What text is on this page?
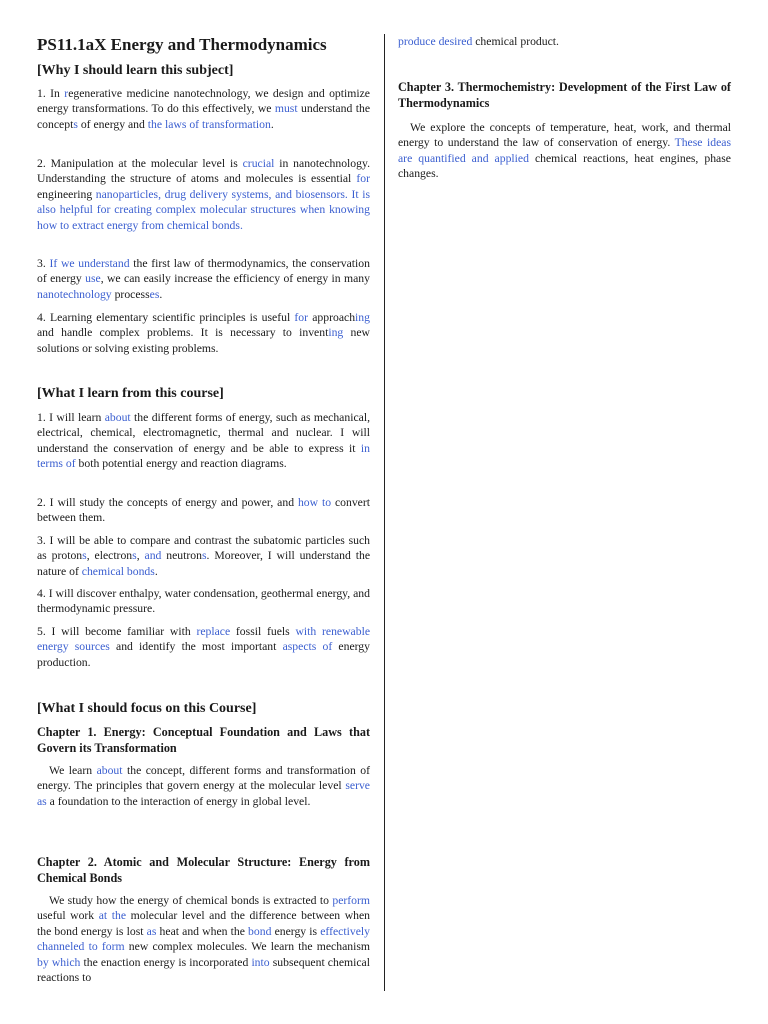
PS11.1aX Energy and Thermodynamics
[Why I should learn this subject]

1. In regenerative medicine nanotechnology, we design and optimize energy transformations. To do this effectively, we must understand the concepts of energy and the laws of transformation.

2. Manipulation at the molecular level is crucial in nanotechnology. Understanding the structure of atoms and molecules is essential for engineering nanoparticles, drug delivery systems, and biosensors. It is also helpful for creating complex molecular structures when knowing how to extract energy from chemical bonds.

3. If we understand the first law of thermodynamics, the conservation of energy use, we can easily increase the efficiency of energy in many nanotechnology processes.

4. Learning elementary scientific principles is useful for approaching and handle complex problems. It is necessary to inventing new solutions or solving existing problems.

[What I learn from this course]

1. I will learn about the different forms of energy, such as mechanical, electrical, chemical, electromagnetic, thermal and nuclear. I will understand the conservation of energy and be able to express it in terms of both potential energy and reaction diagrams.

2. I will study the concepts of energy and power, and how to convert between them.

3. I will be able to compare and contrast the subatomic particles such as protons, electrons, and neutrons. Moreover, I will understand the nature of chemical bonds.

4. I will discover enthalpy, water condensation, geothermal energy, and thermodynamic pressure.

5. I will become familiar with replace fossil fuels with renewable energy sources and identify the most important aspects of energy production.

[What I should focus on this Course]

Chapter 1. Energy: Conceptual Foundation and Laws that Govern its Transformation

We learn about the concept, different forms and transformation of energy. The principles that govern energy at the molecular level serve as a foundation to the interaction of energy in global level.

Chapter 2. Atomic and Molecular Structure: Energy from Chemical Bonds

We study how the energy of chemical bonds is extracted to perform useful work at the molecular level and the difference between when the bond energy is lost as heat and when the bond energy is effectively channeled to form new complex molecules. We learn the mechanism by which the enaction energy is incorporated into subsequent chemical reactions to

produce desired chemical product.

Chapter 3. Thermochemistry: Development of the First Law of Thermodynamics

We explore the concepts of temperature, heat, work, and thermal energy to understand the law of conservation of energy. These ideas are quantified and applied chemical reactions, heat engines, phase changes.
